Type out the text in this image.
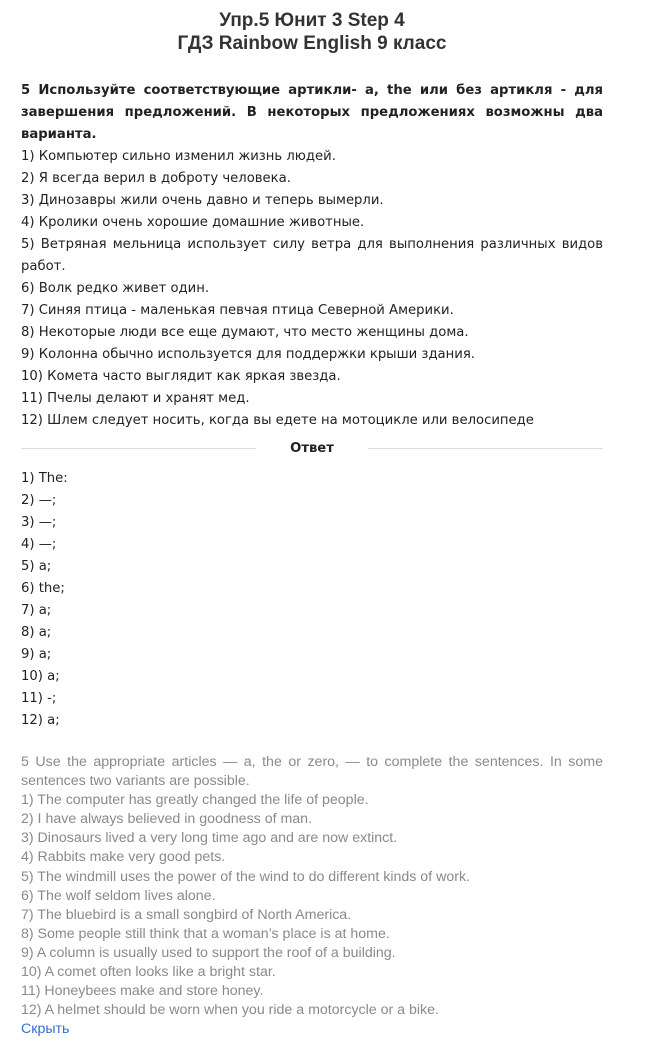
Упр.5 Юнит 3 Step 4
ГДЗ Rainbow English 9 класс
5 Используйте соответствующие артикли- a, the или без артикля - для завершения предложений. В некоторых предложениях возможны два варианта.
1) Компьютер сильно изменил жизнь людей.
2) Я всегда верил в доброту человека.
3) Динозавры жили очень давно и теперь вымерли.
4) Кролики очень хорошие домашние животные.
5) Ветряная мельница использует силу ветра для выполнения различных видов работ.
6) Волк редко живет один.
7) Синяя птица - маленькая певчая птица Северной Америки.
8) Некоторые люди все еще думают, что место женщины дома.
9) Колонна обычно используется для поддержки крыши здания.
10) Комета часто выглядит как яркая звезда.
11) Пчелы делают и хранят мед.
12) Шлем следует носить, когда вы едете на мотоцикле или велосипеде
Ответ
1) The:
2) —;
3) —;
4) —;
5) a;
6) the;
7) a;
8) a;
9) a;
10) a;
11) -;
12) a;
5 Use the appropriate articles — a, the or zero, — to complete the sentences. In some sentences two variants are possible.
1) The computer has greatly changed the life of people.
2) I have always believed in goodness of man.
3) Dinosaurs lived a very long time ago and are now extinct.
4) Rabbits make very good pets.
5) The windmill uses the power of the wind to do different kinds of work.
6) The wolf seldom lives alone.
7) The bluebird is a small songbird of North America.
8) Some people still think that a woman’s place is at home.
9) A column is usually used to support the roof of a building.
10) A comet often looks like a bright star.
11) Honeybees make and store honey.
12) A helmet should be worn when you ride a motorcycle or a bike.
Скрыть
